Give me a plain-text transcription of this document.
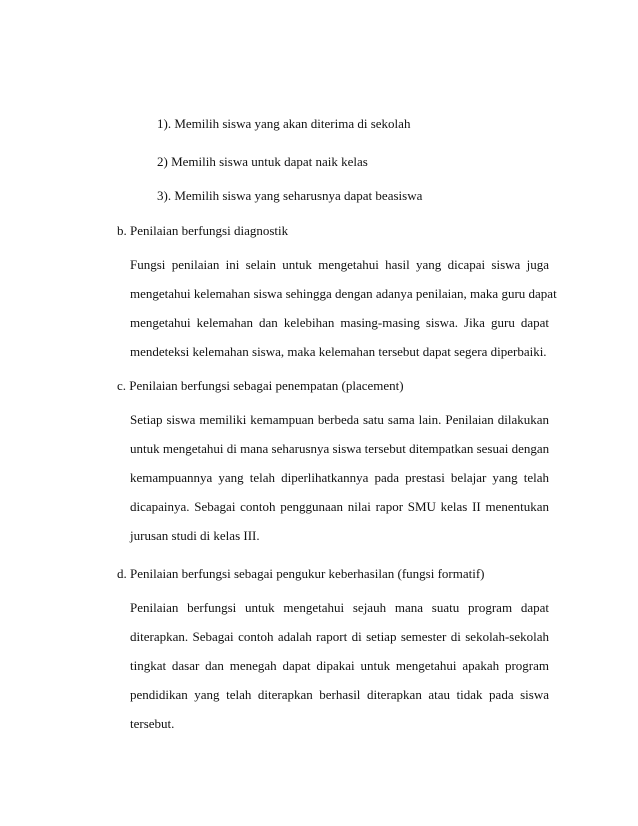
1). Memilih siswa yang akan diterima di sekolah
2) Memilih siswa untuk dapat naik kelas
3). Memilih siswa yang seharusnya dapat beasiswa
b. Penilaian berfungsi diagnostik
Fungsi penilaian ini selain untuk mengetahui hasil yang dicapai siswa juga
mengetahui kelemahan siswa sehingga dengan adanya penilaian, maka guru dapat
mengetahui kelemahan dan kelebihan masing-masing siswa. Jika guru dapat
mendeteksi kelemahan siswa, maka kelemahan tersebut dapat segera diperbaiki.
c. Penilaian berfungsi sebagai penempatan (placement)
Setiap siswa memiliki kemampuan berbeda satu sama lain. Penilaian dilakukan
untuk mengetahui di mana seharusnya siswa tersebut ditempatkan sesuai dengan
kemampuannya yang telah diperlihatkannya pada prestasi belajar yang telah
dicapainya. Sebagai contoh penggunaan nilai rapor SMU kelas II menentukan
jurusan studi di kelas III.
d. Penilaian berfungsi sebagai pengukur keberhasilan (fungsi formatif)
Penilaian berfungsi untuk mengetahui sejauh mana suatu program dapat
diterapkan. Sebagai contoh adalah raport di setiap semester di sekolah-sekolah
tingkat dasar dan menegah dapat dipakai untuk mengetahui apakah program
pendidikan yang telah diterapkan berhasil diterapkan atau tidak pada siswa
tersebut.
